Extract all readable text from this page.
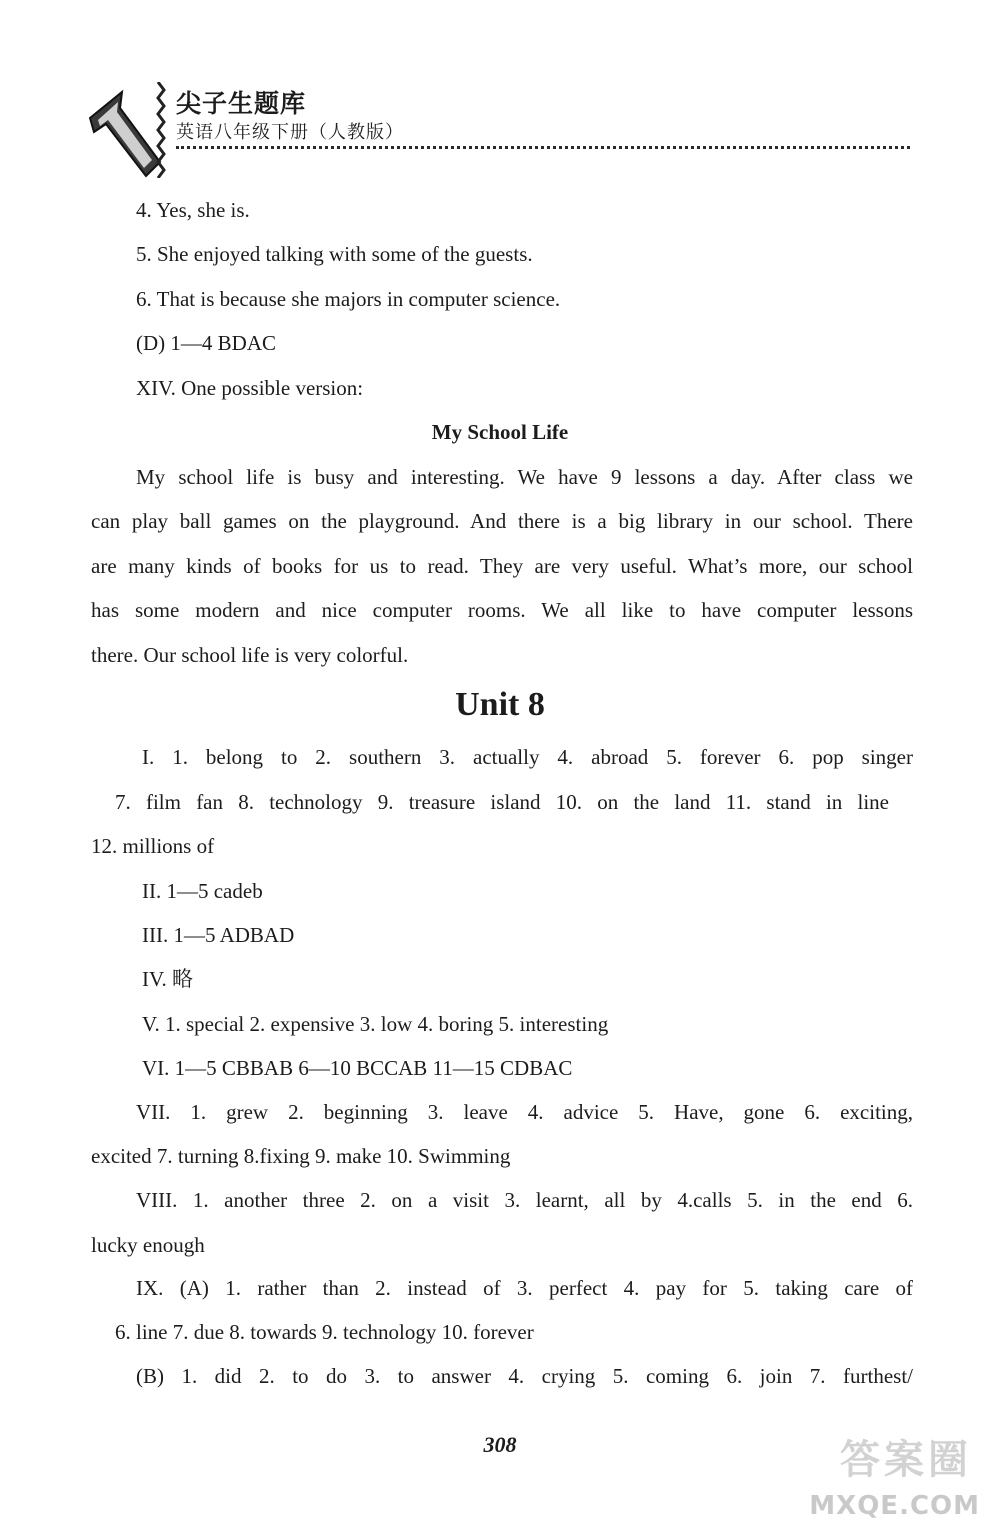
尖子生题库
英语八年级下册（人教版）
4. Yes, she is.
5. She enjoyed talking with some of the guests.
6. That is because she majors in computer science.
(D) 1—4 BDAC
XIV. One possible version:
My School Life
My school life is busy and interesting. We have 9 lessons a day. After class we
can play ball games on the playground. And there is a big library in our school. There
are many kinds of books for us to read. They are very useful. What’s more, our school
has some modern and nice computer rooms. We all like to have computer lessons
there. Our school life is very colorful.
Unit 8
I. 1. belong to 2. southern 3. actually 4. abroad 5. forever 6. pop singer
7. film fan 8. technology 9. treasure island 10. on the land 11. stand in line
12. millions of
II. 1—5 cadeb
III. 1—5 ADBAD
IV. 略
V. 1. special 2. expensive 3. low 4. boring 5. interesting
VI. 1—5 CBBAB 6—10 BCCAB 11—15 CDBAC
VII. 1. grew 2. beginning 3. leave 4. advice 5. Have, gone 6. exciting,
excited 7. turning 8.fixing 9. make 10. Swimming
VIII. 1. another three 2. on a visit 3. learnt, all by 4.calls 5. in the end 6.
lucky enough
IX. (A) 1. rather than 2. instead of 3. perfect 4. pay for 5. taking care of
6. line 7. due 8. towards 9. technology 10. forever
(B) 1. did 2. to do 3. to answer 4. crying 5. coming 6. join 7. furthest/
308	答案圈
MXQE.COM
